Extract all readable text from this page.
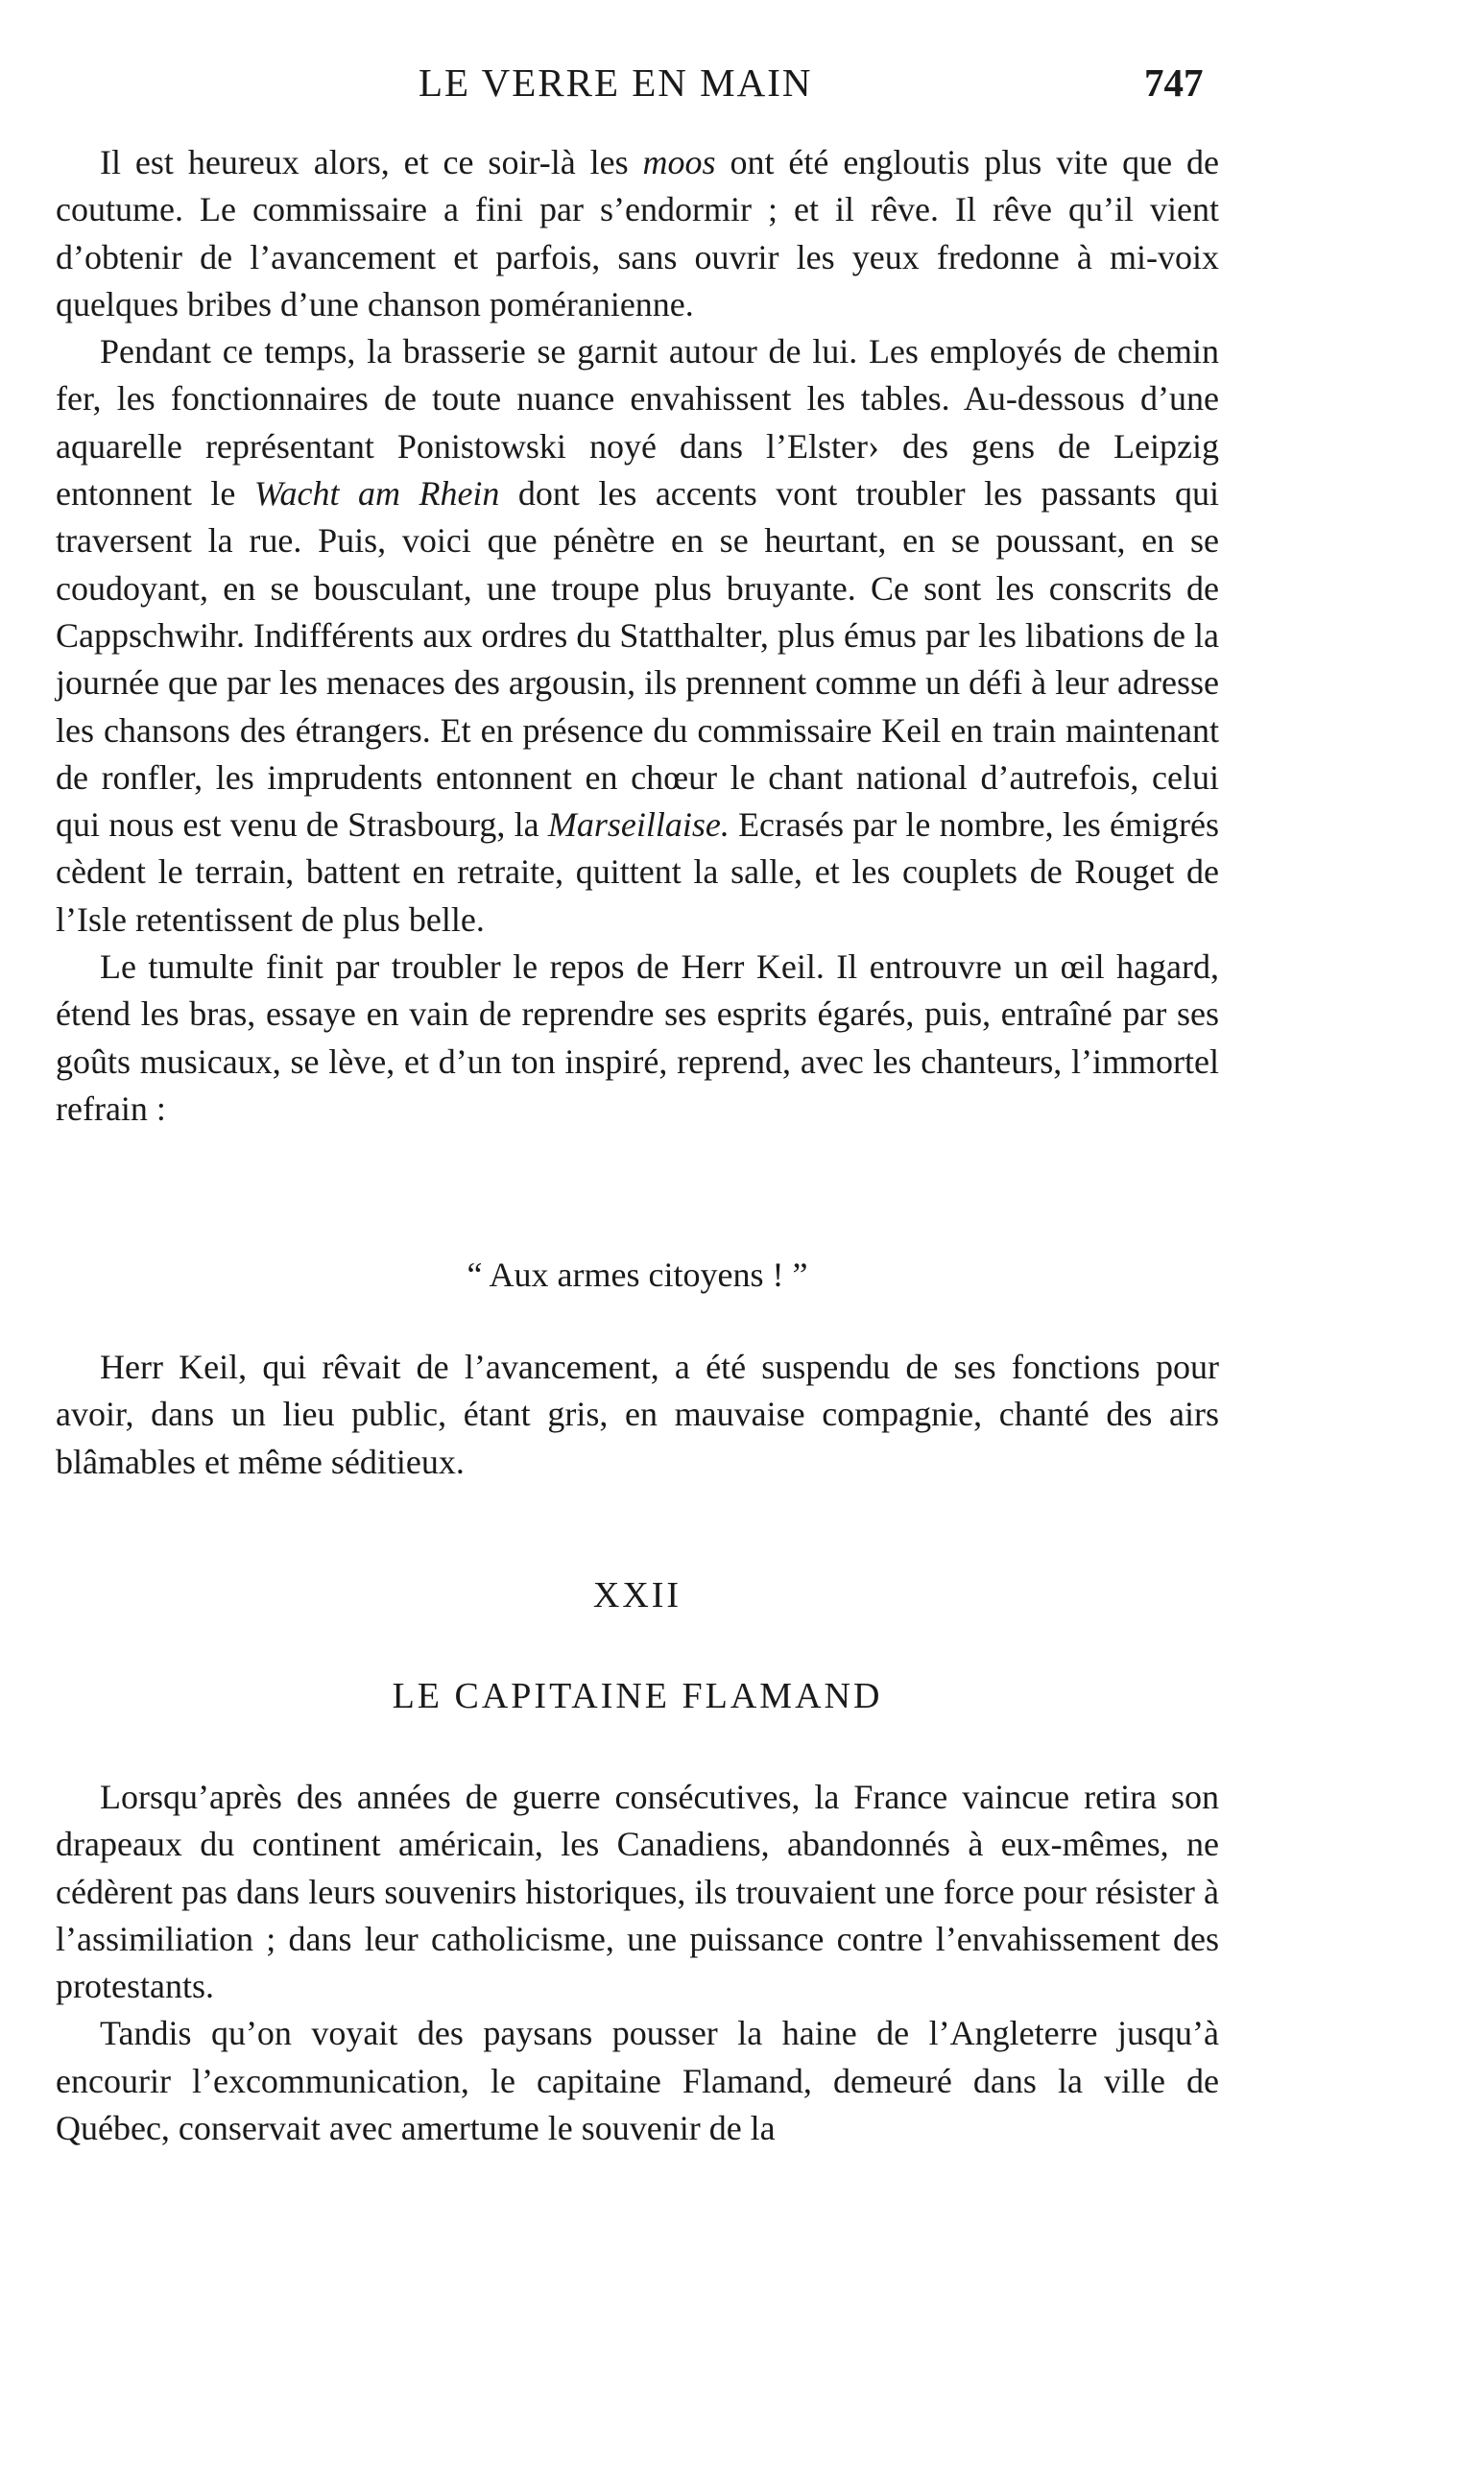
LE VERRE EN MAIN	747

Il est heureux alors, et ce soir-là les moos ont été engloutis plus vite que de coutume. Le commissaire a fini par s’endormir ; et il rêve. Il rêve qu’il vient d’obtenir de l’avancement et parfois, sans ouvrir les yeux fredonne à mi-voix quelques bribes d’une chanson poméranienne.

Pendant ce temps, la brasserie se garnit autour de lui. Les employés de chemin fer, les fonctionnaires de toute nuance envahissent les tables. Au-dessous d’une aquarelle représentant Ponistowski noyé dans l’Elster› des gens de Leipzig entonnent le Wacht am Rhein dont les accents vont troubler les passants qui traversent la rue. Puis, voici que pénètre en se heurtant, en se poussant, en se coudoyant, en se bousculant, une troupe plus bruyante. Ce sont les conscrits de Cappschwihr. Indifférents aux ordres du Statthalter, plus émus par les libations de la journée que par les menaces des argousin, ils prennent comme un défi à leur adresse les chansons des étrangers. Et en présence du commissaire Keil en train maintenant de ronfler, les imprudents entonnent en chœur le chant national d’autrefois, celui qui nous est venu de Strasbourg, la Marseillaise. Ecrasés par le nombre, les émigrés cèdent le terrain, battent en retraite, quittent la salle, et les couplets de Rouget de l’Isle retentissent de plus belle.

Le tumulte finit par troubler le repos de Herr Keil. Il entrouvre un œil hagard, étend les bras, essaye en vain de reprendre ses esprits égarés, puis, entraîné par ses goûts musicaux, se lève, et d’un ton inspiré, reprend, avec les chanteurs, l’immortel refrain :

“ Aux armes citoyens ! ”

Herr Keil, qui rêvait de l’avancement, a été suspendu de ses fonctions pour avoir, dans un lieu public, étant gris, en mauvaise compagnie, chanté des airs blâmables et même séditieux.

XXII
LE CAPITAINE FLAMAND

Lorsqu’après des années de guerre consécutives, la France vaincue retira son drapeaux du continent américain, les Canadiens, abandonnés à eux-mêmes, ne cédèrent pas dans leurs souvenirs historiques, ils trouvaient une force pour résister à l’assimiliation ; dans leur catholicisme, une puissance contre l’envahissement des protestants.

Tandis qu’on voyait des paysans pousser la haine de l’Angleterre jusqu’à encourir l’excommunication, le capitaine Flamand, demeuré dans la ville de Québec, conservait avec amertume le souvenir de la
